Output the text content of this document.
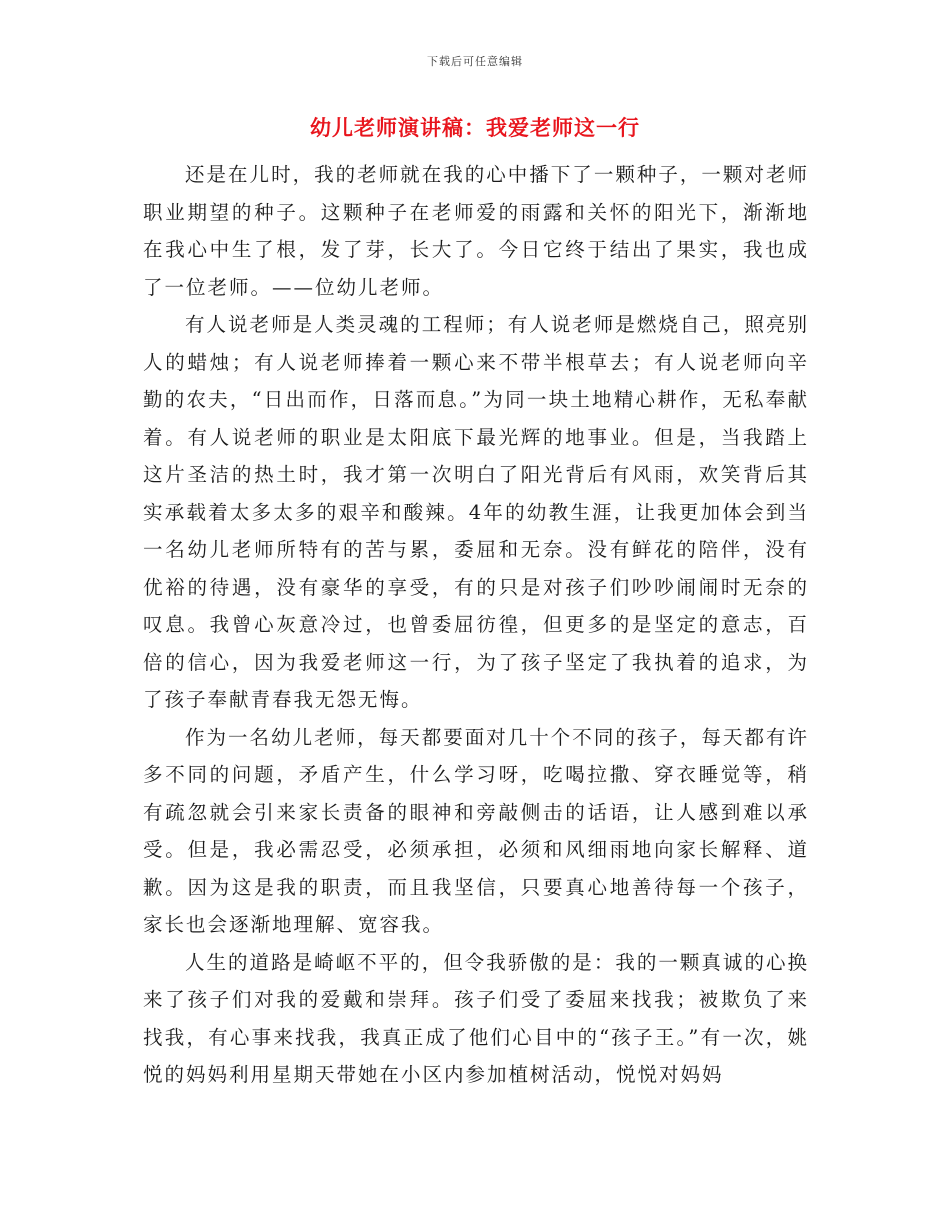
下载后可任意编辑
幼儿老师演讲稿：我爱老师这一行

还是在儿时，我的老师就在我的心中播下了一颗种子，一颗对老师职业期望的种子。这颗种子在老师爱的雨露和关怀的阳光下，渐渐地在我心中生了根，发了芽，长大了。今日它终于结出了果实，我也成了一位老师。——位幼儿老师。

有人说老师是人类灵魂的工程师；有人说老师是燃烧自己，照亮别人的蜡烛；有人说老师捧着一颗心来不带半根草去；有人说老师向辛勤的农夫，“日出而作，日落而息。”为同一块土地精心耕作，无私奉献着。有人说老师的职业是太阳底下最光辉的地事业。但是，当我踏上这片圣洁的热土时，我才第一次明白了阳光背后有风雨，欢笑背后其实承载着太多太多的艰辛和酸辣。4年的幼教生涯，让我更加体会到当一名幼儿老师所特有的苦与累，委屈和无奈。没有鲜花的陪伴，没有优裕的待遇，没有豪华的享受，有的只是对孩子们吵吵闹闹时无奈的叹息。我曾心灰意冷过，也曾委屈彷徨，但更多的是坚定的意志，百倍的信心，因为我爱老师这一行，为了孩子坚定了我执着的追求，为了孩子奉献青春我无怨无悔。

作为一名幼儿老师，每天都要面对几十个不同的孩子，每天都有许多不同的问题，矛盾产生，什么学习呀，吃喝拉撒、穿衣睡觉等，稍有疏忽就会引来家长责备的眼神和旁敲侧击的话语，让人感到难以承受。但是，我必需忍受，必须承担，必须和风细雨地向家长解释、道歉。因为这是我的职责，而且我坚信，只要真心地善待每一个孩子，家长也会逐渐地理解、宽容我。

人生的道路是崎岖不平的，但令我骄傲的是：我的一颗真诚的心换来了孩子们对我的爱戴和崇拜。孩子们受了委屈来找我；被欺负了来找我，有心事来找我，我真正成了他们心目中的“孩子王。”有一次，姚悦的妈妈利用星期天带她在小区内参加植树活动，悦悦对妈妈
